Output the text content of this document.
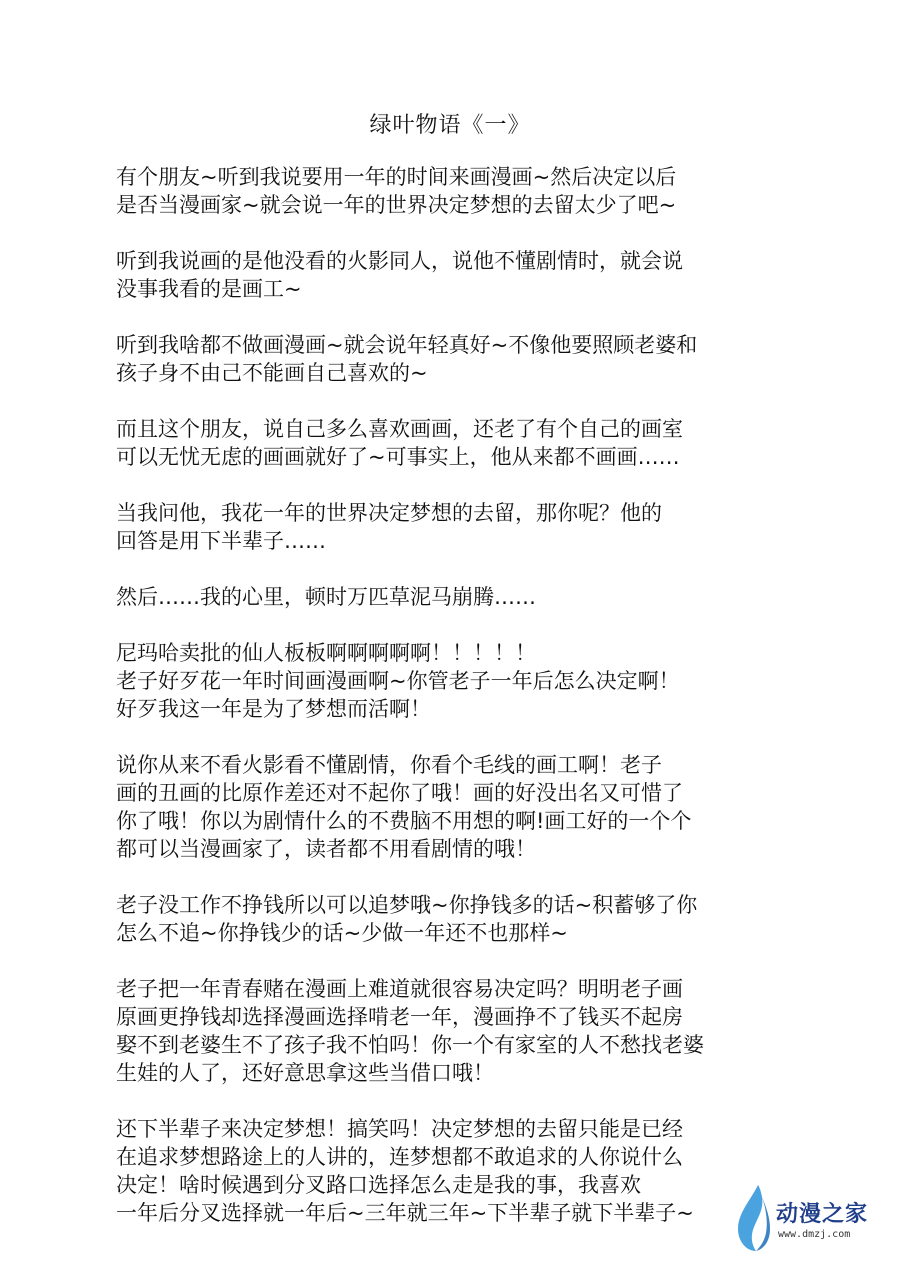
绿叶物语《一》
有个朋友~听到我说要用一年的时间来画漫画~然后决定以后
是否当漫画家~就会说一年的世界决定梦想的去留太少了吧~
听到我说画的是他没看的火影同人，说他不懂剧情时，就会说
没事我看的是画工~
听到我啥都不做画漫画~就会说年轻真好~不像他要照顾老婆和
孩子身不由己不能画自己喜欢的~
而且这个朋友，说自己多么喜欢画画，还老了有个自己的画室
可以无忧无虑的画画就好了~可事实上，他从来都不画画……
当我问他，我花一年的世界决定梦想的去留，那你呢？他的
回答是用下半辈子……
然后……我的心里，顿时万匹草泥马崩腾……
尼玛哈卖批的仙人板板啊啊啊啊啊！！！！！
老子好歹花一年时间画漫画啊~你管老子一年后怎么决定啊！
好歹我这一年是为了梦想而活啊！
说你从来不看火影看不懂剧情，你看个毛线的画工啊！老子
画的丑画的比原作差还对不起你了哦！画的好没出名又可惜了
你了哦！你以为剧情什么的不费脑不用想的啊!画工好的一个个
都可以当漫画家了，读者都不用看剧情的哦！
老子没工作不挣钱所以可以追梦哦~你挣钱多的话~积蓄够了你
怎么不追~你挣钱少的话~少做一年还不也那样~
老子把一年青春赌在漫画上难道就很容易决定吗？明明老子画
原画更挣钱却选择漫画选择啃老一年，漫画挣不了钱买不起房
娶不到老婆生不了孩子我不怕吗！你一个有家室的人不愁找老婆
生娃的人了，还好意思拿这些当借口哦！
还下半辈子来决定梦想！搞笑吗！决定梦想的去留只能是已经
在追求梦想路途上的人讲的，连梦想都不敢追求的人你说什么
决定！啥时候遇到分叉路口选择怎么走是我的事，我喜欢
一年后分叉选择就一年后~三年就三年~下半辈子就下半辈子~	动漫之家
www.dmzj.com
